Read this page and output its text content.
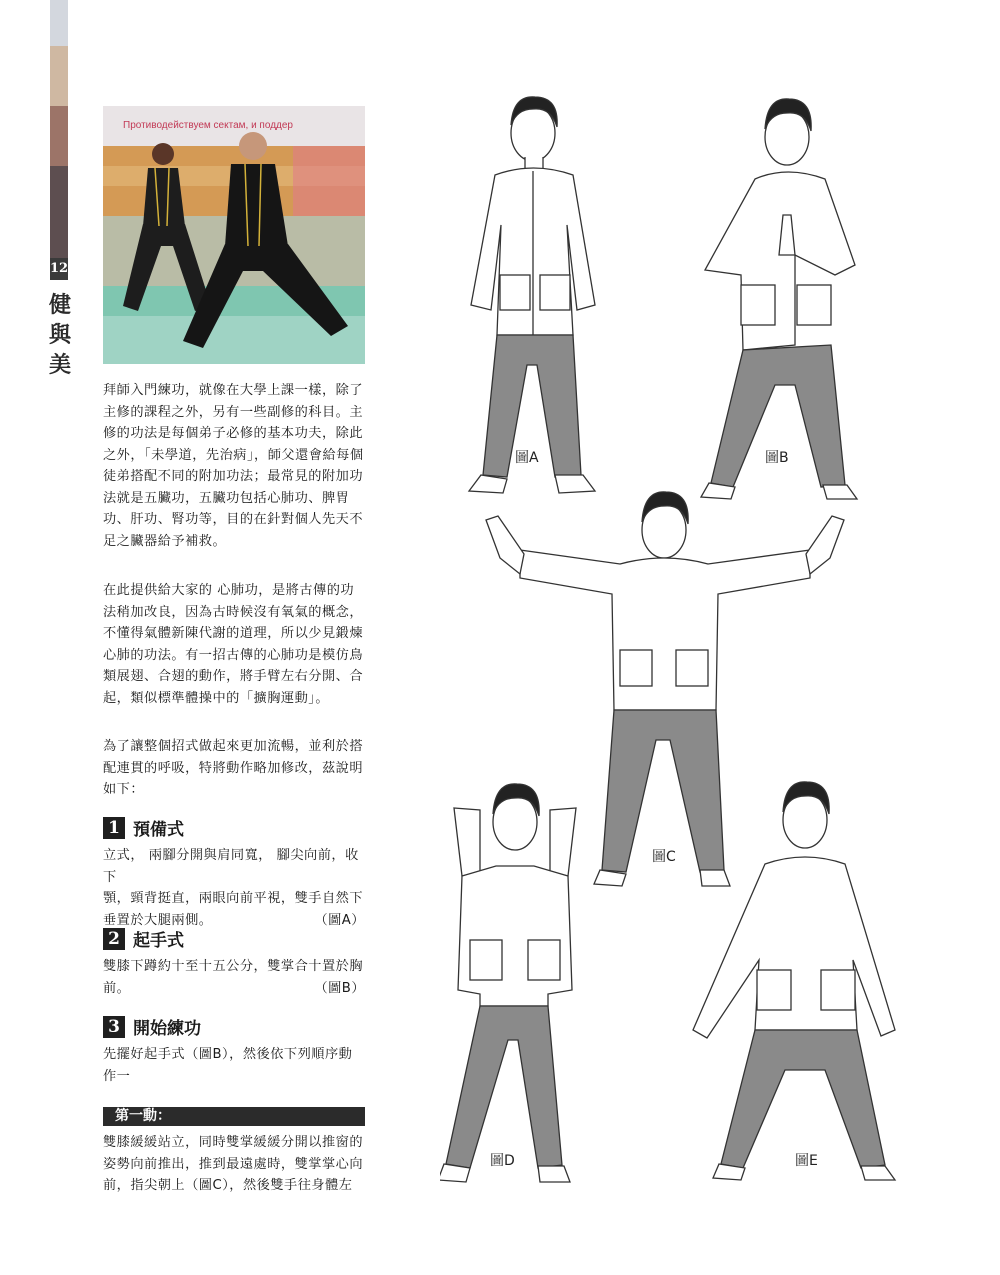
12
健
與
美
Противодействуем сектам, и поддер
拜師入門練功，就像在大學上課一樣，除了主修的課程之外，另有一些副修的科目。主修的功法是每個弟子必修的基本功夫，除此之外，「未學道，先治病」，師父還會給每個徒弟搭配不同的附加功法；最常見的附加功法就是五臟功，五臟功包括心肺功、脾胃功、肝功、腎功等，目的在針對個人先天不足之臟器給予補救。
在此提供給大家的 心肺功，是將古傳的功法稍加改良，因為古時候沒有氧氣的概念，不懂得氣體新陳代謝的道理，所以少見鍛煉心肺的功法。有一招古傳的心肺功是模仿鳥類展翅、合翅的動作，將手臂左右分開、合起，類似標準體操中的「擴胸運動」。
為了讓整個招式做起來更加流暢，並利於搭配連貫的呼吸，特將動作略加修改，茲說明如下：
1 預備式
立式， 兩腳分開與肩同寬， 腳尖向前，收下
顎，頸背挺直，兩眼向前平視，雙手自然下
垂置於大腿兩側。	（圖A）
2 起手式
雙膝下蹲約十至十五公分，雙掌合十置於胸
前。	（圖B）
3 開始練功
先擺好起手式（圖B），然後依下列順序動
作一
第一動：
雙膝緩緩站立，同時雙掌緩緩分開以推窗的
姿勢向前推出，推到最遠處時，雙掌掌心向
前，指尖朝上（圖C），然後雙手往身體左
圖A	圖B
圖C
圖D	圖E
